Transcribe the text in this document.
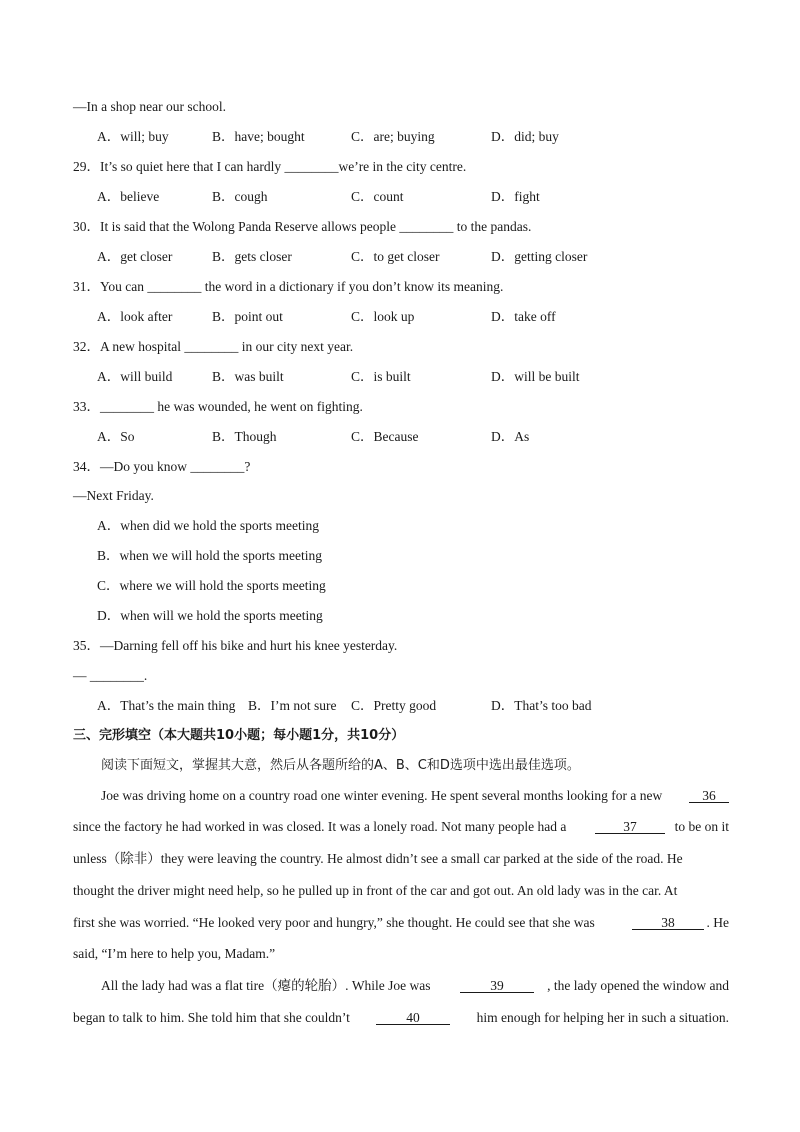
—In a shop near our school.
A．will; buy	B．have; bought	C．are; buying	D．did; buy
29．It’s so quiet here that I can hardly ________we’re in the city centre.
A．believe	B．cough	C．count	D．fight
30．It is said that the Wolong Panda Reserve allows people ________ to the pandas.
A．get closer	B．gets closer	C．to get closer	D．getting closer
31．You can ________ the word in a dictionary if you don’t know its meaning.
A．look after	B．point out	C．look up	D．take off
32．A new hospital ________ in our city next year.
A．will build	B．was built	C．is built	D．will be built
33．________ he was wounded, he went on fighting.
A．So	B．Though	C．Because	D．As
34．—Do you know ________?
—Next Friday.
A．when did we hold the sports meeting
B．when we will hold the sports meeting
C．where we will hold the sports meeting
D．when will we hold the sports meeting
35．—Darning fell off his bike and hurt his knee yesterday.
— ________.
A．That’s the main thing B．I’m not sure C．Pretty good	D．That’s too bad
三、完形填空（本大题共10小题；每小题1分，共10分）
阅读下面短文，掌握其大意，然后从各题所给的A、B、C和D选项中选出最佳选项。
Joe was driving home on a country road one winter evening. He spent several months looking for a new	36
since the factory he had worked in was closed. It was a lonely road. Not many people had a	37	to be on it
unless（除非）they were leaving the country. He almost didn’t see a small car parked at the side of the road. He
thought the driver might need help, so he pulled up in front of the car and got out. An old lady was in the car. At
first she was worried. “He looked very poor and hungry,” she thought. He could see that she was	38	. He
said, “I’m here to help you, Madam.”
All the lady had was a flat tire（瘪的轮胎）. While Joe was	39	, the lady opened the window and
began to talk to him. She told him that she couldn’t	40	him enough for helping her in such a situation.
